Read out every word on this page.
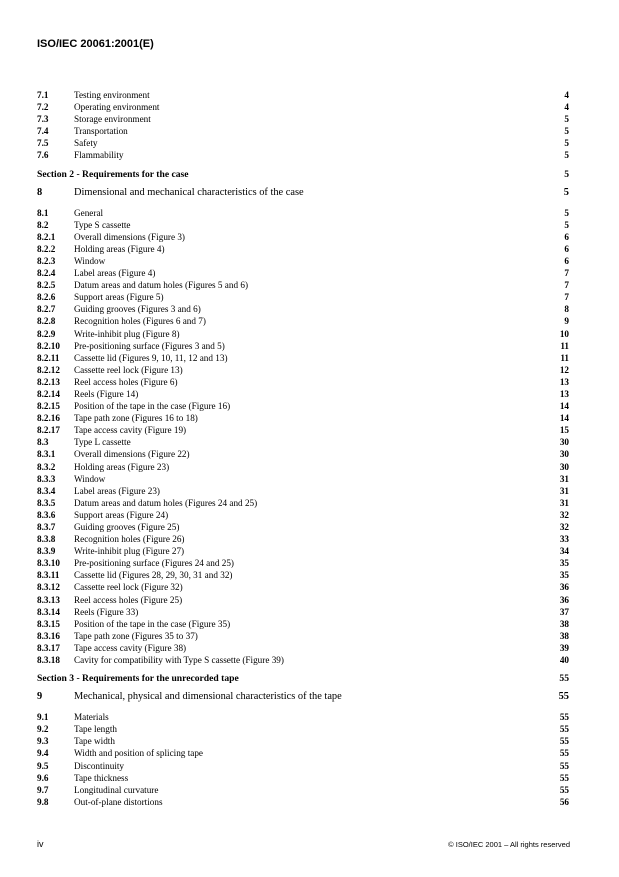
ISO/IEC 20061:2001(E)
7.1	Testing environment	4
7.2	Operating environment	4
7.3	Storage environment	5
7.4	Transportation	5
7.5	Safety	5
7.6	Flammability	5
Section 2 - Requirements for the case	5
8	Dimensional and mechanical characteristics of the case	5
8.1	General	5
8.2	Type S cassette	5
8.2.1	Overall dimensions (Figure 3)	6
8.2.2	Holding areas (Figure 4)	6
8.2.3	Window	6
8.2.4	Label areas (Figure 4)	7
8.2.5	Datum areas and datum holes (Figures 5 and 6)	7
8.2.6	Support areas (Figure 5)	7
8.2.7	Guiding grooves (Figures 3 and 6)	8
8.2.8	Recognition holes (Figures 6 and 7)	9
8.2.9	Write-inhibit plug (Figure 8)	10
8.2.10	Pre-positioning surface (Figures 3 and 5)	11
8.2.11	Cassette lid (Figures 9, 10, 11, 12 and 13)	11
8.2.12	Cassette reel lock (Figure 13)	12
8.2.13	Reel access holes (Figure 6)	13
8.2.14	Reels (Figure 14)	13
8.2.15	Position of the tape in the case (Figure 16)	14
8.2.16	Tape path zone (Figures 16 to 18)	14
8.2.17	Tape access cavity (Figure 19)	15
8.3	Type L cassette	30
8.3.1	Overall dimensions (Figure 22)	30
8.3.2	Holding areas (Figure 23)	30
8.3.3	Window	31
8.3.4	Label areas (Figure 23)	31
8.3.5	Datum areas and datum holes (Figures 24 and 25)	31
8.3.6	Support areas (Figure 24)	32
8.3.7	Guiding grooves (Figure 25)	32
8.3.8	Recognition holes (Figure 26)	33
8.3.9	Write-inhibit plug (Figure 27)	34
8.3.10	Pre-positioning surface (Figures 24 and 25)	35
8.3.11	Cassette lid (Figures 28, 29, 30, 31 and 32)	35
8.3.12	Cassette reel lock (Figure 32)	36
8.3.13	Reel access holes (Figure 25)	36
8.3.14	Reels (Figure 33)	37
8.3.15	Position of the tape in the case (Figure 35)	38
8.3.16	Tape path zone (Figures 35 to 37)	38
8.3.17	Tape access cavity (Figure 38)	39
8.3.18	Cavity for compatibility with Type S cassette (Figure 39)	40
Section 3 - Requirements for the unrecorded tape	55
9	Mechanical, physical and dimensional characteristics of the tape	55
9.1	Materials	55
9.2	Tape length	55
9.3	Tape width	55
9.4	Width and position of splicing tape	55
9.5	Discontinuity	55
9.6	Tape thickness	55
9.7	Longitudinal curvature	55
9.8	Out-of-plane distortions	56
iv	© ISO/IEC 2001 – All rights reserved
